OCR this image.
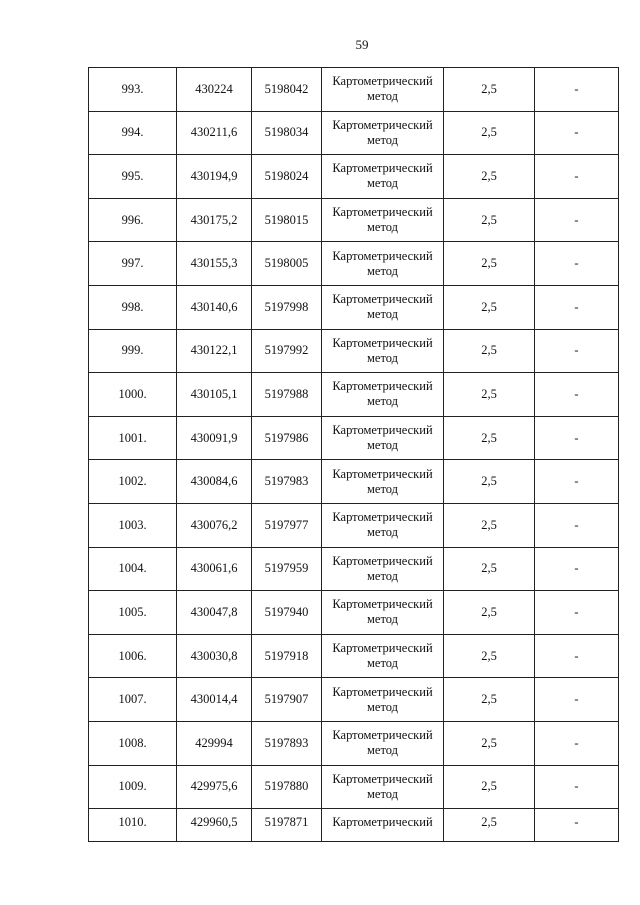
59
993.	430224	5198042	Картометрический метод	2,5	-
994.	430211,6	5198034	Картометрический метод	2,5	-
995.	430194,9	5198024	Картометрический метод	2,5	-
996.	430175,2	5198015	Картометрический метод	2,5	-
997.	430155,3	5198005	Картометрический метод	2,5	-
998.	430140,6	5197998	Картометрический метод	2,5	-
999.	430122,1	5197992	Картометрический метод	2,5	-
1000.	430105,1	5197988	Картометрический метод	2,5	-
1001.	430091,9	5197986	Картометрический метод	2,5	-
1002.	430084,6	5197983	Картометрический метод	2,5	-
1003.	430076,2	5197977	Картометрический метод	2,5	-
1004.	430061,6	5197959	Картометрический метод	2,5	-
1005.	430047,8	5197940	Картометрический метод	2,5	-
1006.	430030,8	5197918	Картометрический метод	2,5	-
1007.	430014,4	5197907	Картометрический метод	2,5	-
1008.	429994	5197893	Картометрический метод	2,5	-
1009.	429975,6	5197880	Картометрический метод	2,5	-
1010.	429960,5	5197871	Картометрический	2,5	-
